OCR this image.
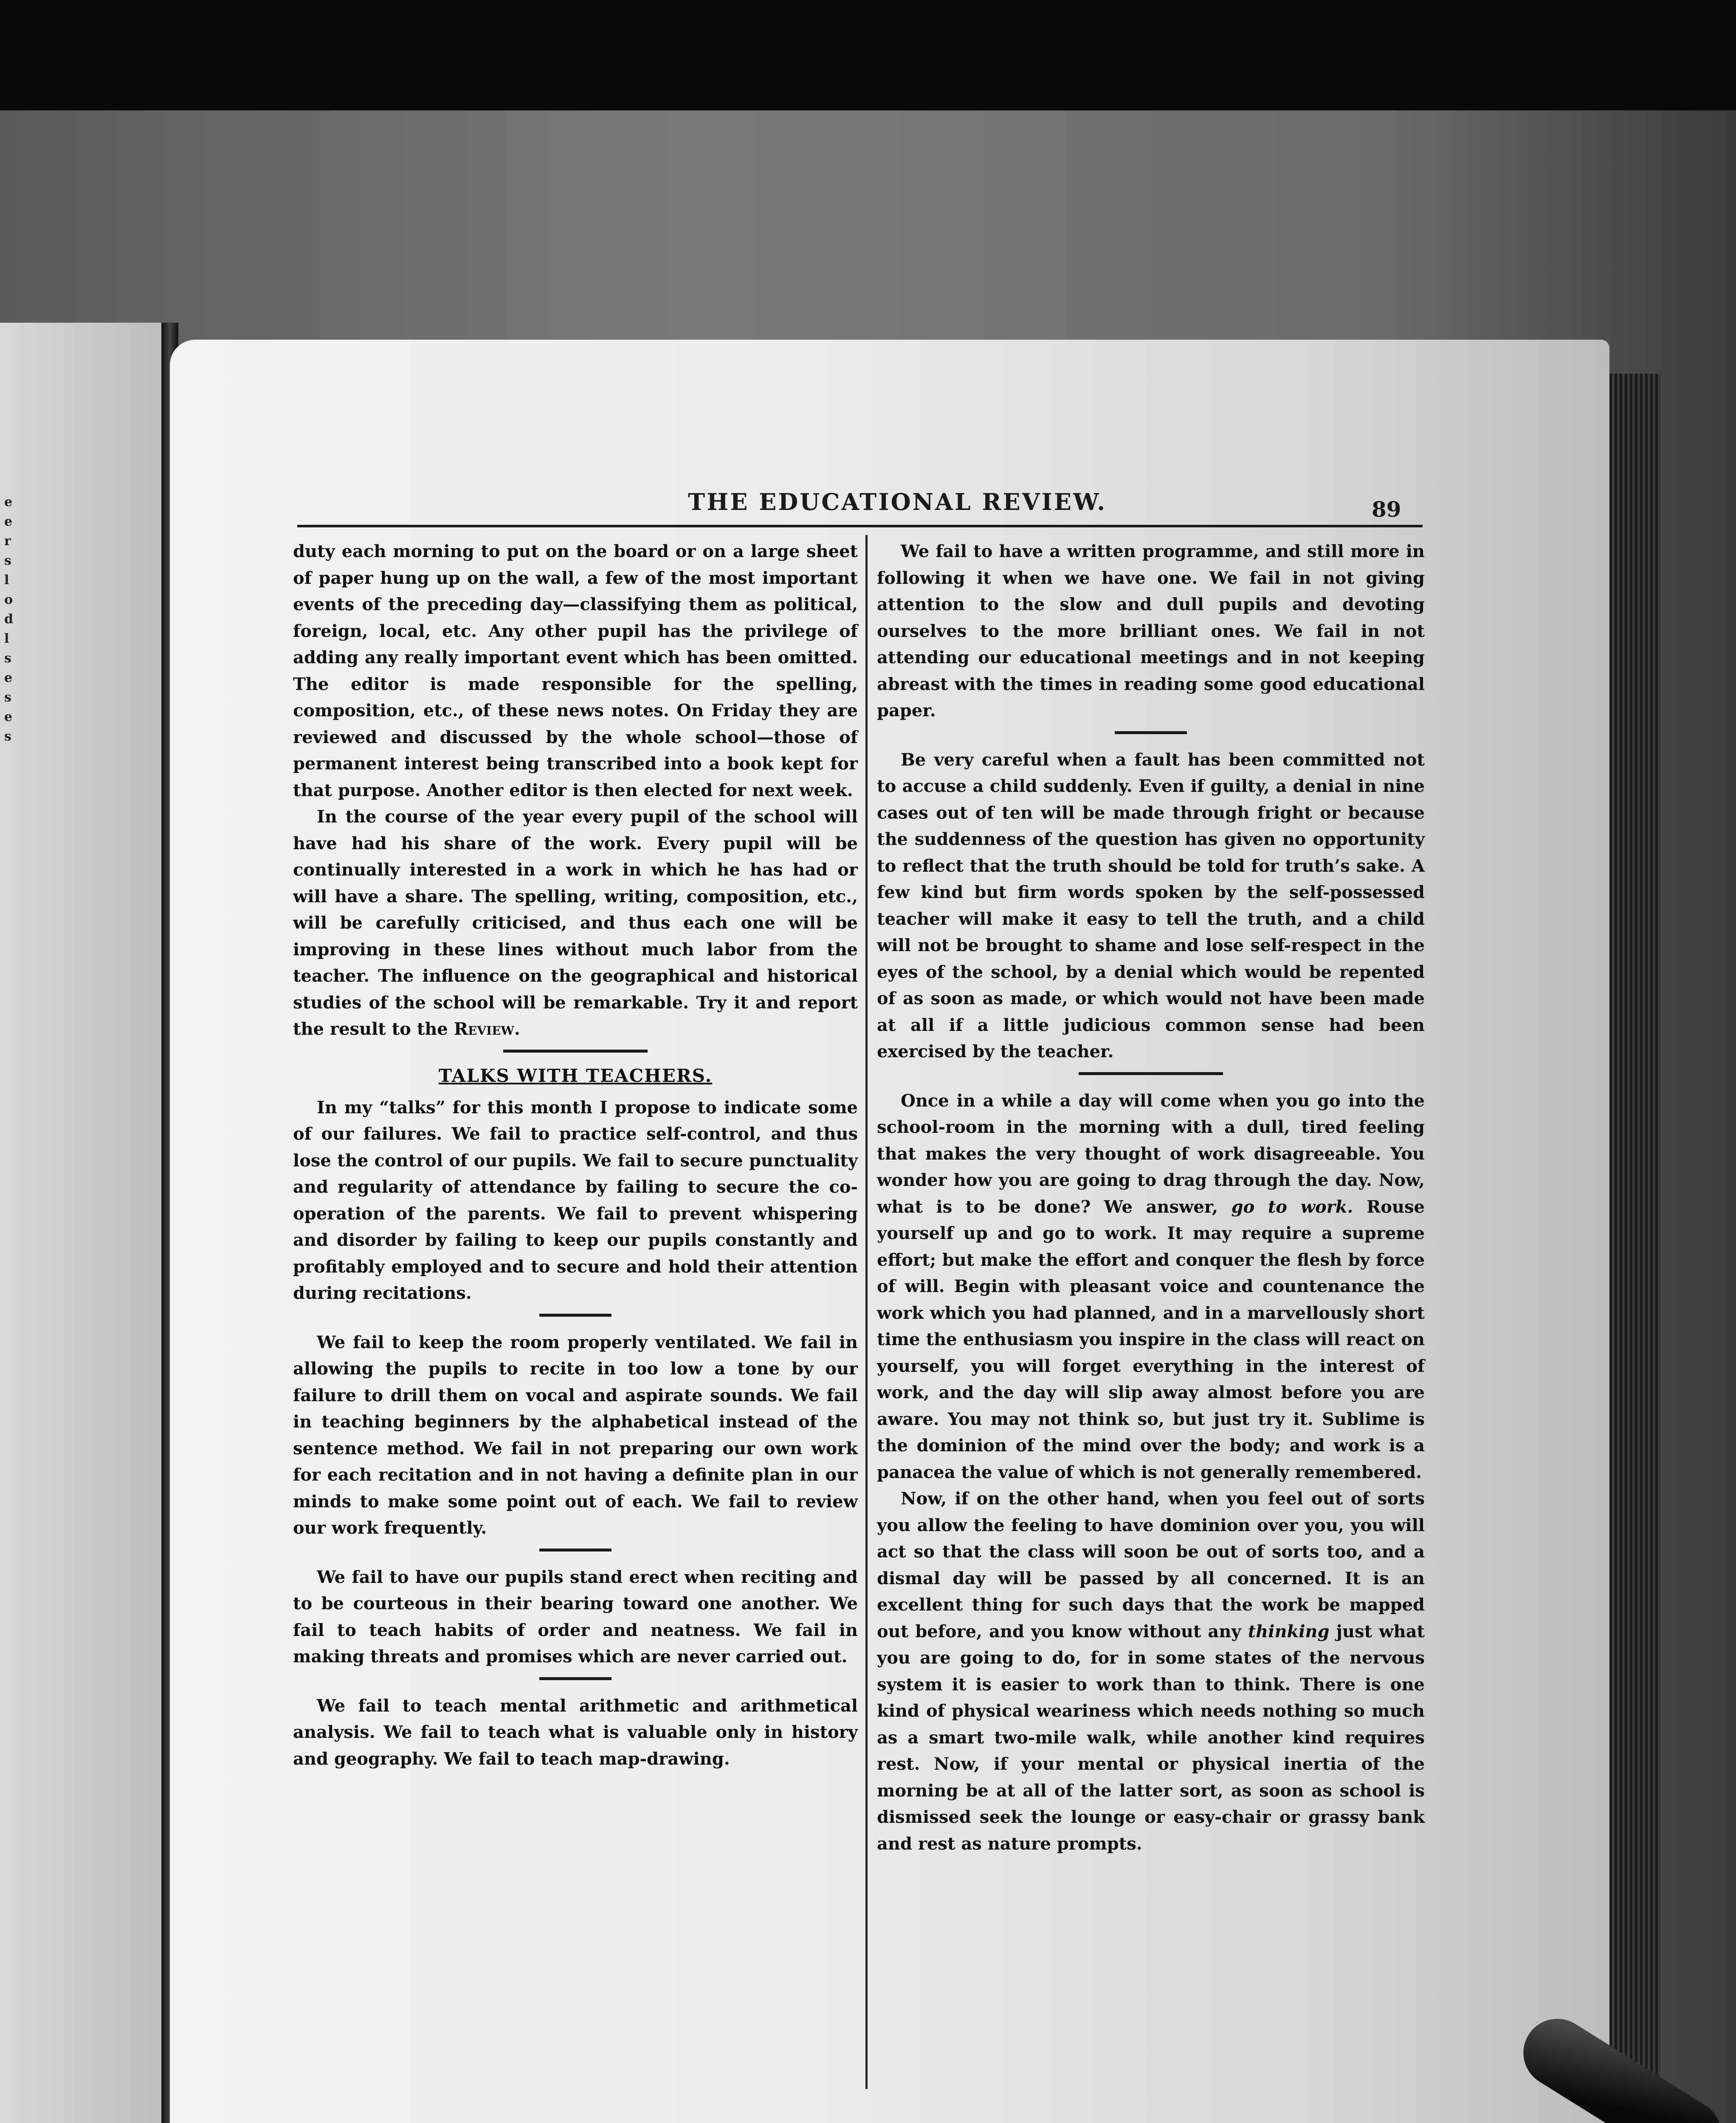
e
e
r
s
l
o
d
l
s
e
s
e
s
THE EDUCATIONAL REVIEW.	89

duty each morning to put on the board or on a large sheet of paper hung up on the wall, a few of the most important events of the preceding day—classifying them as political, foreign, local, etc. Any other pupil has the privilege of adding any really important event which has been omitted. The editor is made responsible for the spelling, composition, etc., of these news notes. On Friday they are reviewed and discussed by the whole school—those of permanent interest being transcribed into a book kept for that purpose. Another editor is then elected for next week.

In the course of the year every pupil of the school will have had his share of the work. Every pupil will be continually interested in a work in which he has had or will have a share. The spelling, writing, composition, etc., will be carefully criticised, and thus each one will be improving in these lines without much labor from the teacher. The influence on the geographical and historical studies of the school will be remarkable. Try it and report the result to the Review.

TALKS WITH TEACHERS.

In my “talks” for this month I propose to indicate some of our failures. We fail to practice self-control, and thus lose the control of our pupils. We fail to secure punctuality and regularity of attendance by failing to secure the co-operation of the parents. We fail to prevent whispering and disorder by failing to keep our pupils constantly and profitably employed and to secure and hold their attention during recitations.

We fail to keep the room properly ventilated. We fail in allowing the pupils to recite in too low a tone by our failure to drill them on vocal and aspirate sounds. We fail in teaching beginners by the alphabetical instead of the sentence method. We fail in not preparing our own work for each recitation and in not having a definite plan in our minds to make some point out of each. We fail to review our work frequently.

We fail to have our pupils stand erect when reciting and to be courteous in their bearing toward one another. We fail to teach habits of order and neatness. We fail in making threats and promises which are never carried out.

We fail to teach mental arithmetic and arithmetical analysis. We fail to teach what is valuable only in history and geography. We fail to teach map-drawing.

We fail to have a written programme, and still more in following it when we have one. We fail in not giving attention to the slow and dull pupils and devoting ourselves to the more brilliant ones. We fail in not attending our educational meetings and in not keeping abreast with the times in reading some good educational paper.

Be very careful when a fault has been committed not to accuse a child suddenly. Even if guilty, a denial in nine cases out of ten will be made through fright or because the suddenness of the question has given no opportunity to reflect that the truth should be told for truth’s sake. A few kind but firm words spoken by the self-possessed teacher will make it easy to tell the truth, and a child will not be brought to shame and lose self-respect in the eyes of the school, by a denial which would be repented of as soon as made, or which would not have been made at all if a little judicious common sense had been exercised by the teacher.

Once in a while a day will come when you go into the school-room in the morning with a dull, tired feeling that makes the very thought of work disagreeable. You wonder how you are going to drag through the day. Now, what is to be done? We answer, go to work. Rouse yourself up and go to work. It may require a supreme effort; but make the effort and conquer the flesh by force of will. Begin with pleasant voice and countenance the work which you had planned, and in a marvellously short time the enthusiasm you inspire in the class will react on yourself, you will forget everything in the interest of work, and the day will slip away almost before you are aware. You may not think so, but just try it. Sublime is the dominion of the mind over the body; and work is a panacea the value of which is not generally remembered.

Now, if on the other hand, when you feel out of sorts you allow the feeling to have dominion over you, you will act so that the class will soon be out of sorts too, and a dismal day will be passed by all concerned. It is an excellent thing for such days that the work be mapped out before, and you know without any thinking just what you are going to do, for in some states of the nervous system it is easier to work than to think. There is one kind of physical weariness which needs nothing so much as a smart two-mile walk, while another kind requires rest. Now, if your mental or physical inertia of the morning be at all of the latter sort, as soon as school is dismissed seek the lounge or easy-chair or grassy bank and rest as nature prompts.
